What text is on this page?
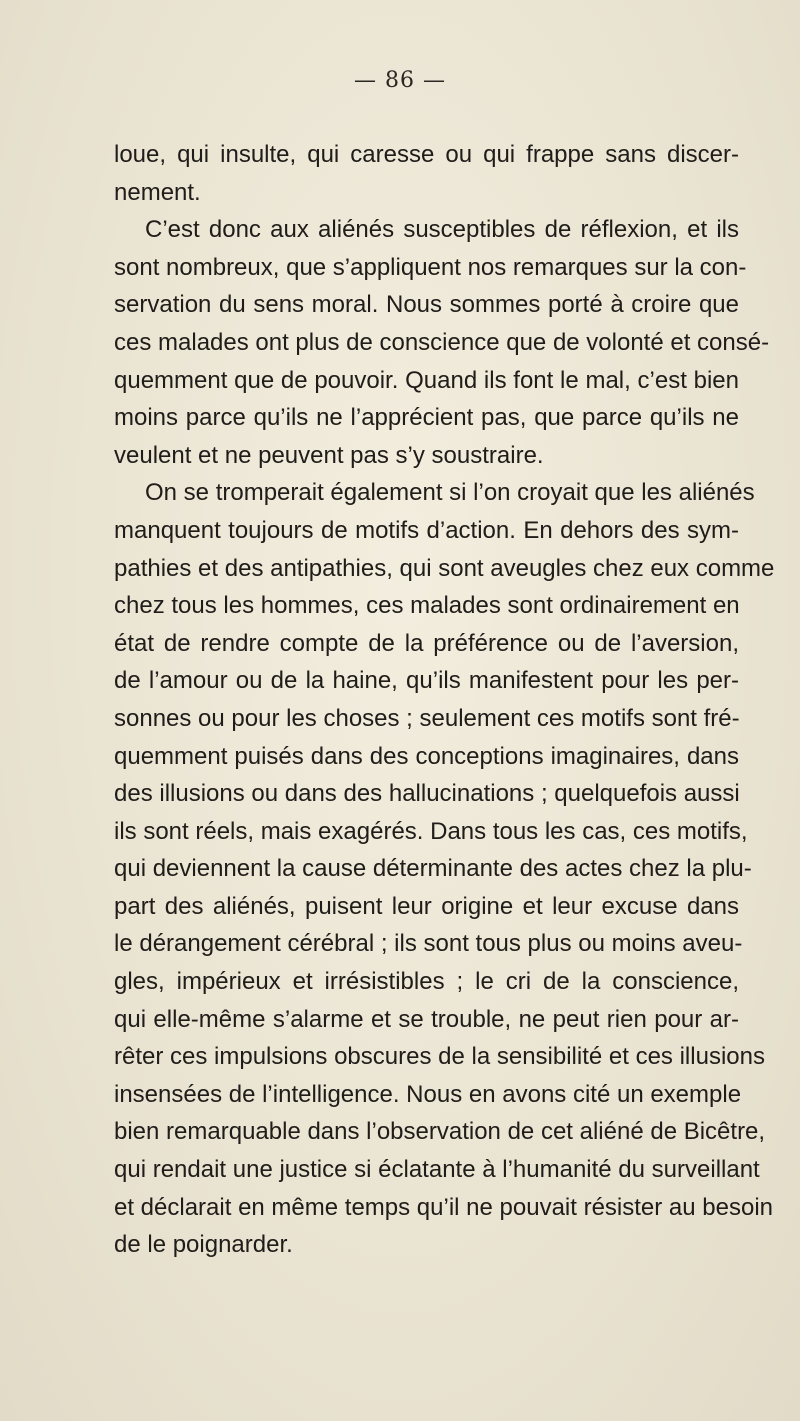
— 86 —
loue, qui insulte, qui caresse ou qui frappe sans discer-
nement.
C’est donc aux aliénés susceptibles de réflexion, et ils
sont nombreux, que s’appliquent nos remarques sur la con-
servation du sens moral. Nous sommes porté à croire que
ces malades ont plus de conscience que de volonté et consé-
quemment que de pouvoir. Quand ils font le mal, c’est bien
moins parce qu’ils ne l’apprécient pas, que parce qu’ils ne
veulent et ne peuvent pas s’y soustraire.
On se tromperait également si l’on croyait que les aliénés
manquent toujours de motifs d’action. En dehors des sym-
pathies et des antipathies, qui sont aveugles chez eux comme
chez tous les hommes, ces malades sont ordinairement en
état de rendre compte de la préférence ou de l’aversion,
de l’amour ou de la haine, qu’ils manifestent pour les per-
sonnes ou pour les choses ; seulement ces motifs sont fré-
quemment puisés dans des conceptions imaginaires, dans
des illusions ou dans des hallucinations ; quelquefois aussi
ils sont réels, mais exagérés. Dans tous les cas, ces motifs,
qui deviennent la cause déterminante des actes chez la plu-
part des aliénés, puisent leur origine et leur excuse dans
le dérangement cérébral ; ils sont tous plus ou moins aveu-
gles, impérieux et irrésistibles ; le cri de la conscience,
qui elle-même s’alarme et se trouble, ne peut rien pour ar-
rêter ces impulsions obscures de la sensibilité et ces illusions
insensées de l’intelligence. Nous en avons cité un exemple
bien remarquable dans l’observation de cet aliéné de Bicêtre,
qui rendait une justice si éclatante à l’humanité du surveillant
et déclarait en même temps qu’il ne pouvait résister au besoin
de le poignarder.
